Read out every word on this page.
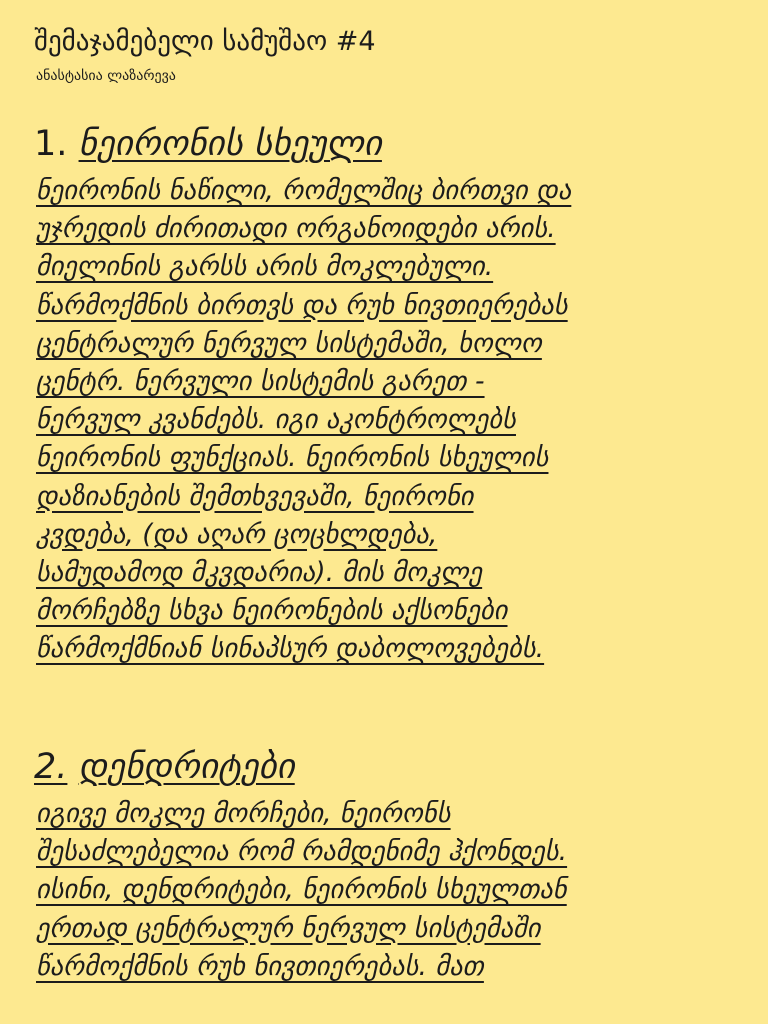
შემაჯამებელი სამუშაო #4
ანასტასია ლაზარევა
1. ნეირონის სხეული
ნეირონის ნაწილი, რომელშიც ბირთვი და
უჯრედის ძირითადი ორგანოიდები არის.
მიელინის გარსს არის მოკლებული.
წარმოქმნის ბირთვს და რუხ ნივთიერებას
ცენტრალურ ნერვულ სისტემაში, ხოლო
ცენტრ. ნერვული სისტემის გარეთ -
ნერვულ კვანძებს. იგი აკონტროლებს
ნეირონის ფუნქციას. ნეირონის სხეულის
დაზიანების შემთხვევაში, ნეირონი
კვდება, (და აღარ ცოცხლდება,
სამუდამოდ მკვდარია). მის მოკლე
მორჩებზე სხვა ნეირონების აქსონები
წარმოქმნიან სინაპსურ დაბოლოვებებს.
2. დენდრიტები
იგივე მოკლე მორჩები, ნეირონს
შესაძლებელია რომ რამდენიმე ჰქონდეს.
ისინი, დენდრიტები, ნეირონის სხეულთან
ერთად ცენტრალურ ნერვულ სისტემაში
წარმოქმნის რუხ ნივთიერებას. მათ
